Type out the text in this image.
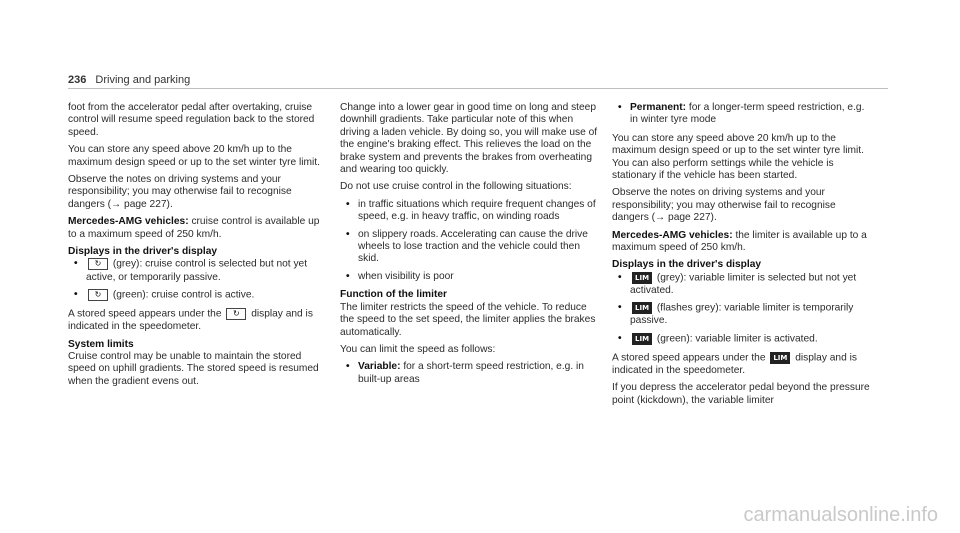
236 Driving and parking

foot from the accelerator pedal after overtaking, cruise control will resume speed regulation back to the stored speed.

You can store any speed above 20 km/h up to the maximum design speed or up to the set winter tyre limit.

Observe the notes on driving systems and your responsibility; you may otherwise fail to recognise dangers (→ page 227).

Mercedes-AMG vehicles: cruise control is available up to a maximum speed of 250 km/h.

Displays in the driver's display

• ↻ (grey): cruise control is selected but not yet active, or temporarily passive.
• ↻ (green): cruise control is active.

A stored speed appears under the ↻ display and is indicated in the speedometer.

System limits

Cruise control may be unable to maintain the stored speed on uphill gradients. The stored speed is resumed when the gradient evens out.

Change into a lower gear in good time on long and steep downhill gradients. Take particular note of this when driving a laden vehicle. By doing so, you will make use of the engine's braking effect. This relieves the load on the brake system and prevents the brakes from overheating and wearing too quickly.

Do not use cruise control in the following situations:

• in traffic situations which require frequent changes of speed, e.g. in heavy traffic, on winding roads
• on slippery roads. Accelerating can cause the drive wheels to lose traction and the vehicle could then skid.
• when visibility is poor

Function of the limiter

The limiter restricts the speed of the vehicle. To reduce the speed to the set speed, the limiter applies the brakes automatically.

You can limit the speed as follows:

• Variable: for a short-term speed restriction, e.g. in built-up areas
• Permanent: for a longer-term speed restriction, e.g. in winter tyre mode

You can store any speed above 20 km/h up to the maximum design speed or up to the set winter tyre limit. You can also perform settings while the vehicle is stationary if the vehicle has been started.

Observe the notes on driving systems and your responsibility; you may otherwise fail to recognise dangers (→ page 227).

Mercedes-AMG vehicles: the limiter is available up to a maximum speed of 250 km/h.

Displays in the driver's display

• LIM (grey): variable limiter is selected but not yet activated.
• LIM (flashes grey): variable limiter is temporarily passive.
• LIM (green): variable limiter is activated.

A stored speed appears under the LIM display and is indicated in the speedometer.

If you depress the accelerator pedal beyond the pressure point (kickdown), the variable limiter

carmanualsonline.info
